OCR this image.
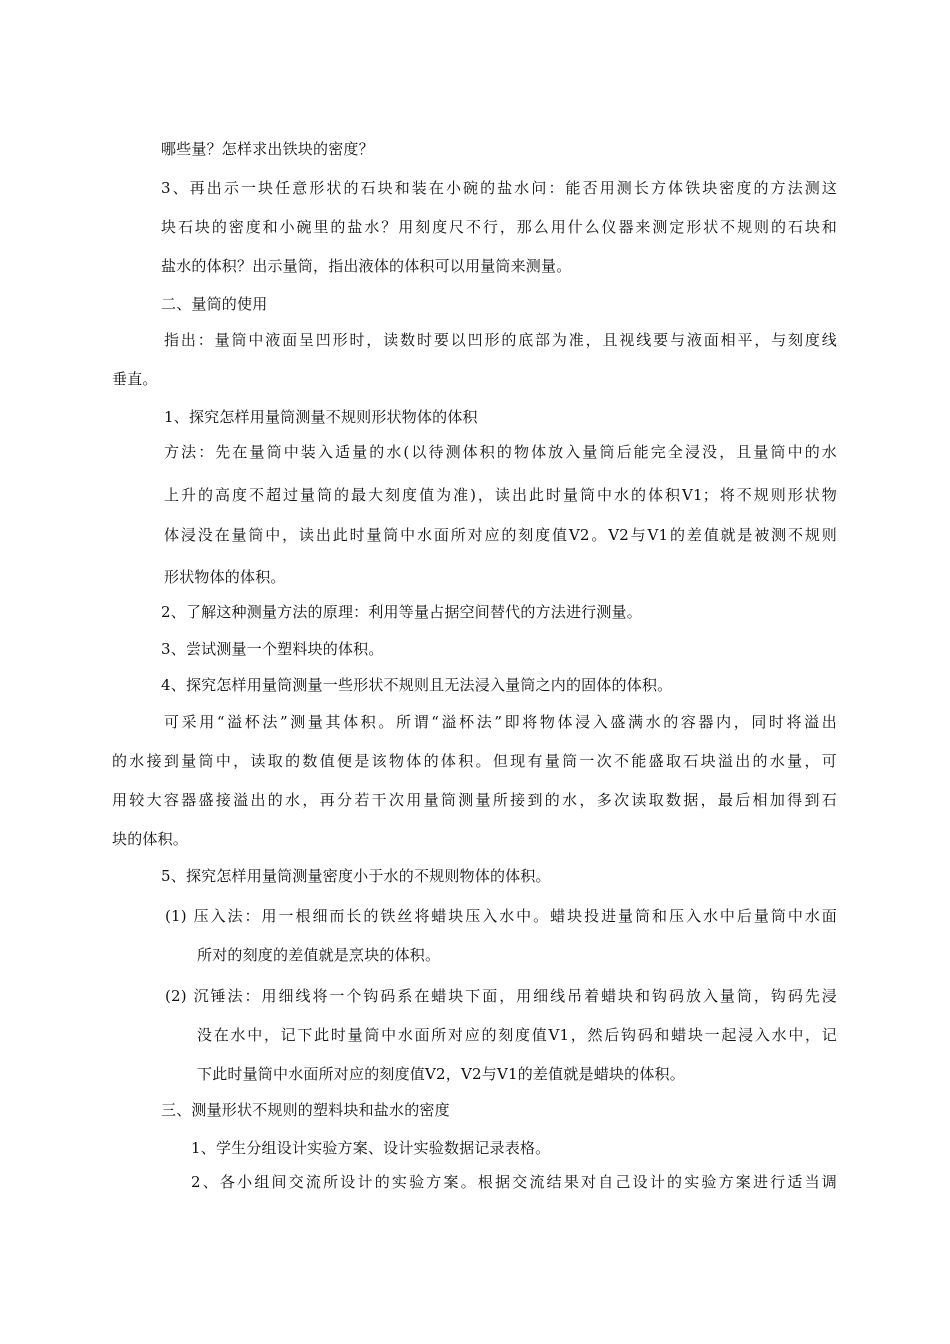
哪些量？怎样求出铁块的密度？
3、再出示一块任意形状的石块和装在小碗的盐水问：能否用测长方体铁块密度的方法测这
块石块的密度和小碗里的盐水？用刻度尺不行，那么用什么仪器来测定形状不规则的石块和
盐水的体积？出示量筒，指出液体的体积可以用量筒来测量。
二、量筒的使用
指出：量筒中液面呈凹形时，读数时要以凹形的底部为准，且视线要与液面相平，与刻度线
垂直。
1、探究怎样用量筒测量不规则形状物体的体积
方法：先在量筒中装入适量的水(以待测体积的物体放入量筒后能完全浸没，且量筒中的水
上升的高度不超过量筒的最大刻度值为准)，读出此时量筒中水的体积V1；将不规则形状物
体浸没在量筒中，读出此时量筒中水面所对应的刻度值V2。V2与V1的差值就是被测不规则
形状物体的体积。
2、了解这种测量方法的原理：利用等量占据空间替代的方法进行测量。
3、尝试测量一个塑料块的体积。
4、探究怎样用量筒测量一些形状不规则且无法浸入量筒之内的固体的体积。
可采用“溢杯法”测量其体积。所谓“溢杯法”即将物体浸入盛满水的容器内，同时将溢出
的水接到量筒中，读取的数值便是该物体的体积。但现有量筒一次不能盛取石块溢出的水量，可
用较大容器盛接溢出的水，再分若干次用量筒测量所接到的水，多次读取数据，最后相加得到石
块的体积。
5、探究怎样用量筒测量密度小于水的不规则物体的体积。
(1) 压入法：用一根细而长的铁丝将蜡块压入水中。蜡块投进量筒和压入水中后量筒中水面
所对的刻度的差值就是烹块的体积。
(2) 沉锤法：用细线将一个钩码系在蜡块下面，用细线吊着蜡块和钩码放入量筒，钩码先浸
没在水中，记下此时量筒中水面所对应的刻度值V1，然后钩码和蜡块一起浸入水中，记
下此时量筒中水面所对应的刻度值V2，V2与V1的差值就是蜡块的体积。
三、测量形状不规则的塑料块和盐水的密度
1、学生分组设计实验方案、设计实验数据记录表格。
2、各小组间交流所设计的实验方案。根据交流结果对自己设计的实验方案进行适当调
